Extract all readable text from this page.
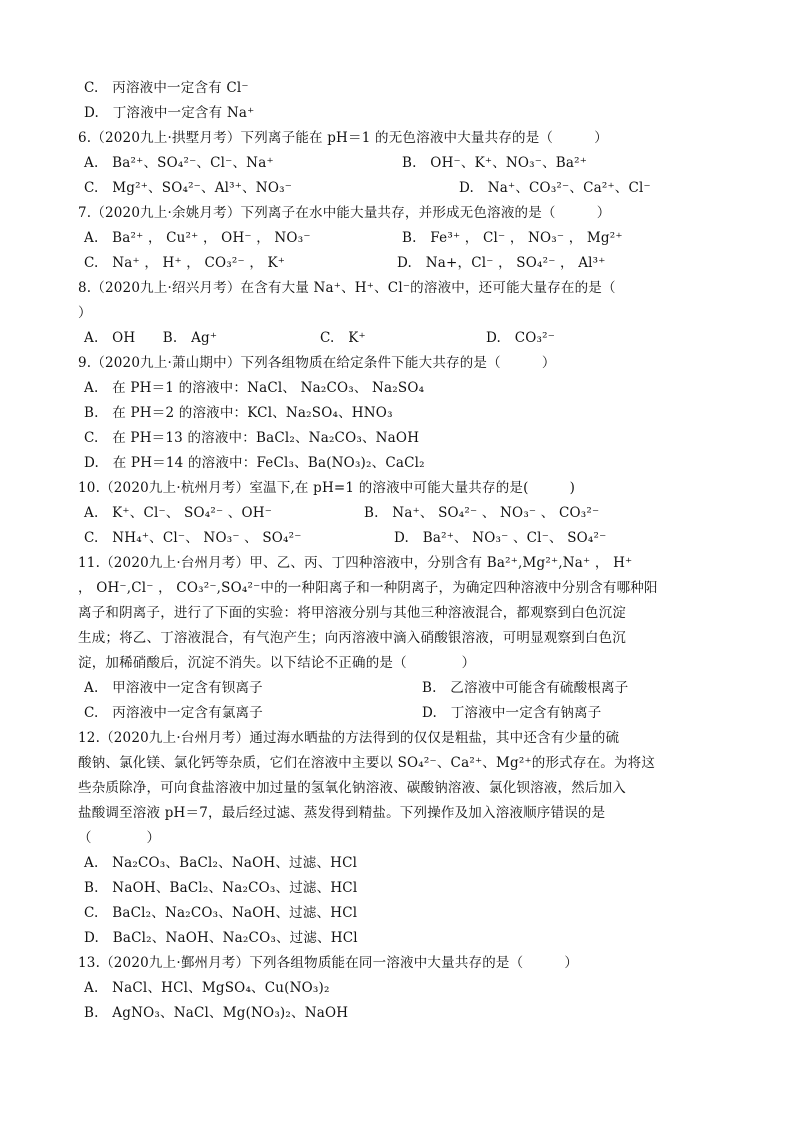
C.　丙溶液中一定含有 Cl⁻
D.　丁溶液中一定含有 Na⁺
6.（2020九上·拱墅月考）下列离子能在 pH＝1 的无色溶液中大量共存的是（　　　）
A.　Ba²⁺、SO₄²⁻、Cl⁻、Na⁺	B.　OH⁻、K⁺、NO₃⁻、Ba²⁺
C.　Mg²⁺、SO₄²⁻、Al³⁺、NO₃⁻	D.　Na⁺、CO₃²⁻、Ca²⁺、Cl⁻
7.（2020九上·余姚月考）下列离子在水中能大量共存，并形成无色溶液的是（　　　）
A.　Ba²⁺ ， Cu²⁺ ， OH⁻ ， NO₃⁻	B.　Fe³⁺ ， Cl⁻ ， NO₃⁻ ， Mg²⁺
C.　Na⁺ ， H⁺ ， CO₃²⁻ ， K⁺	D.　Na+，Cl⁻ ， SO₄²⁻ ， Al³⁺
8.（2020九上·绍兴月考）在含有大量 Na⁺、H⁺、Cl⁻的溶液中，还可能大量存在的是（
）
A.　OH　　B.　Ag⁺	C.　K⁺	D.　CO₃²⁻
9.（2020九上·萧山期中）下列各组物质在给定条件下能大共存的是（　　　）
A.　在 PH＝1 的溶液中：NaCl、 Na₂CO₃、 Na₂SO₄
B.　在 PH＝2 的溶液中：KCl、Na₂SO₄、HNO₃
C.　在 PH＝13 的溶液中：BaCl₂、Na₂CO₃、NaOH
D.　在 PH＝14 的溶液中：FeCl₃、Ba(NO₃)₂、CaCl₂
10.（2020九上·杭州月考）室温下,在 pH=1 的溶液中可能大量共存的是(　　　)
A.　K⁺、Cl⁻、 SO₄²⁻ 、OH⁻	B.　Na⁺、 SO₄²⁻ 、 NO₃⁻ 、 CO₃²⁻
C.　NH₄⁺、Cl⁻、 NO₃⁻ 、 SO₄²⁻	D.　Ba²⁺、 NO₃⁻ 、Cl⁻、 SO₄²⁻
11.（2020九上·台州月考）甲、乙、丙、丁四种溶液中，分别含有 Ba²⁺,Mg²⁺,Na⁺ ， H⁺
， OH⁻,Cl⁻ ， CO₃²⁻,SO₄²⁻中的一种阳离子和一种阴离子，为确定四种溶液中分别含有哪种阳
离子和阴离子，进行了下面的实验：将甲溶液分别与其他三种溶液混合，都观察到白色沉淀
生成；将乙、丁溶液混合，有气泡产生；向丙溶液中滴入硝酸银溶液，可明显观察到白色沉
淀，加稀硝酸后，沉淀不消失。以下结论不正确的是（　　　　）
A.　甲溶液中一定含有钡离子	B.　乙溶液中可能含有硫酸根离子
C.　丙溶液中一定含有氯离子	D.　丁溶液中一定含有钠离子
12.（2020九上·台州月考）通过海水晒盐的方法得到的仅仅是粗盐，其中还含有少量的硫
酸钠、氯化镁、氯化钙等杂质，它们在溶液中主要以 SO₄²⁻、Ca²⁺、Mg²⁺的形式存在。为将这
些杂质除净，可向食盐溶液中加过量的氢氧化钠溶液、碳酸钠溶液、氯化钡溶液，然后加入
盐酸调至溶液 pH＝7，最后经过滤、蒸发得到精盐。下列操作及加入溶液顺序错误的是
（　　　　）
A.　Na₂CO₃、BaCl₂、NaOH、过滤、HCl
B.　NaOH、BaCl₂、Na₂CO₃、过滤、HCl
C.　BaCl₂、Na₂CO₃、NaOH、过滤、HCl
D.　BaCl₂、NaOH、Na₂CO₃、过滤、HCl
13.（2020九上·鄞州月考）下列各组物质能在同一溶液中大量共存的是（　　　）
A.　NaCl、HCl、MgSO₄、Cu(NO₃)₂
B.　AgNO₃、NaCl、Mg(NO₃)₂、NaOH
